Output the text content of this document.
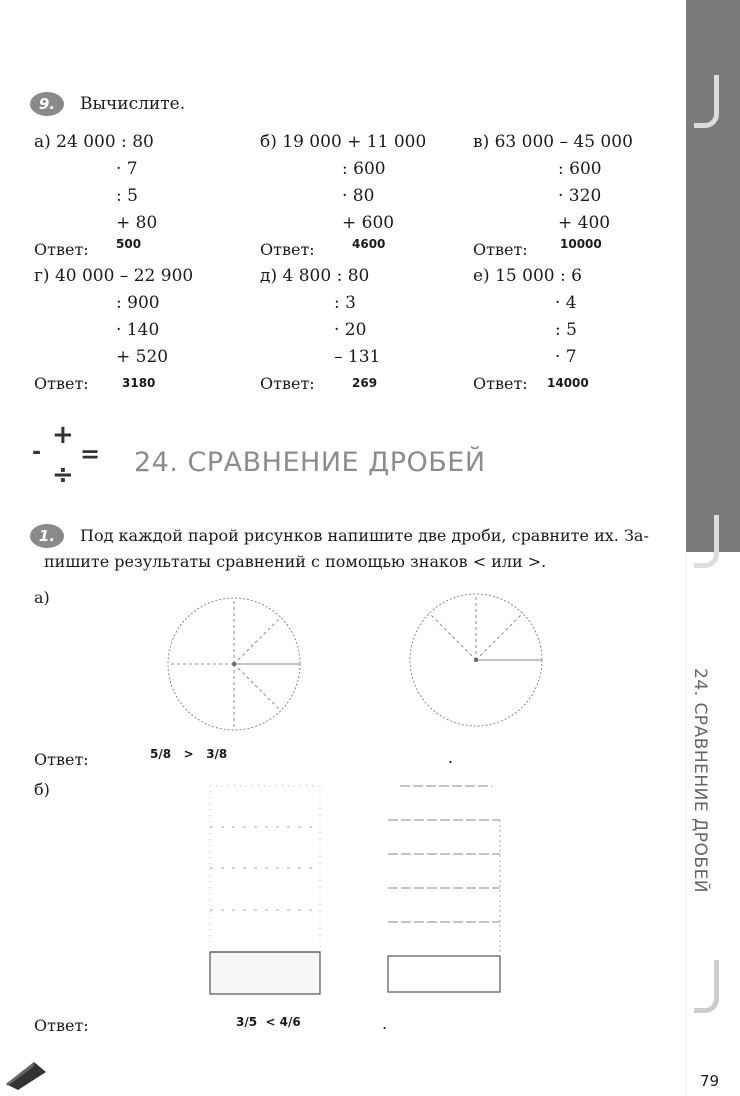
24. СРАВНЕНИЕ ДРОБЕЙ
9.	Вычислите.
а) 24 000 : 80
· 7
: 5
+ 80
Ответ: 500
б) 19 000 + 11 000
: 600
· 80
+ 600
Ответ:	4600
в) 63 000 – 45 000
: 600
· 320
+ 400
Ответ:	10000
г) 40 000 – 22 900
: 900
· 140
+ 520
Ответ:	3180
д) 4 800 : 80
: 3
· 20
– 131
Ответ:	269
е) 15 000 : 6
· 4
: 5
· 7
Ответ: 14000
-
+
=
÷ 24. СРАВНЕНИЕ ДРОБЕЙ
1.	Под каждой парой рисунков напишите две дроби, сравните их. За-
пишите результаты сравнений с помощью знаков < или >.
а)
Ответ:	5/8   >   3/8	.
б)
Ответ:	3/5  < 4/6	.
79
